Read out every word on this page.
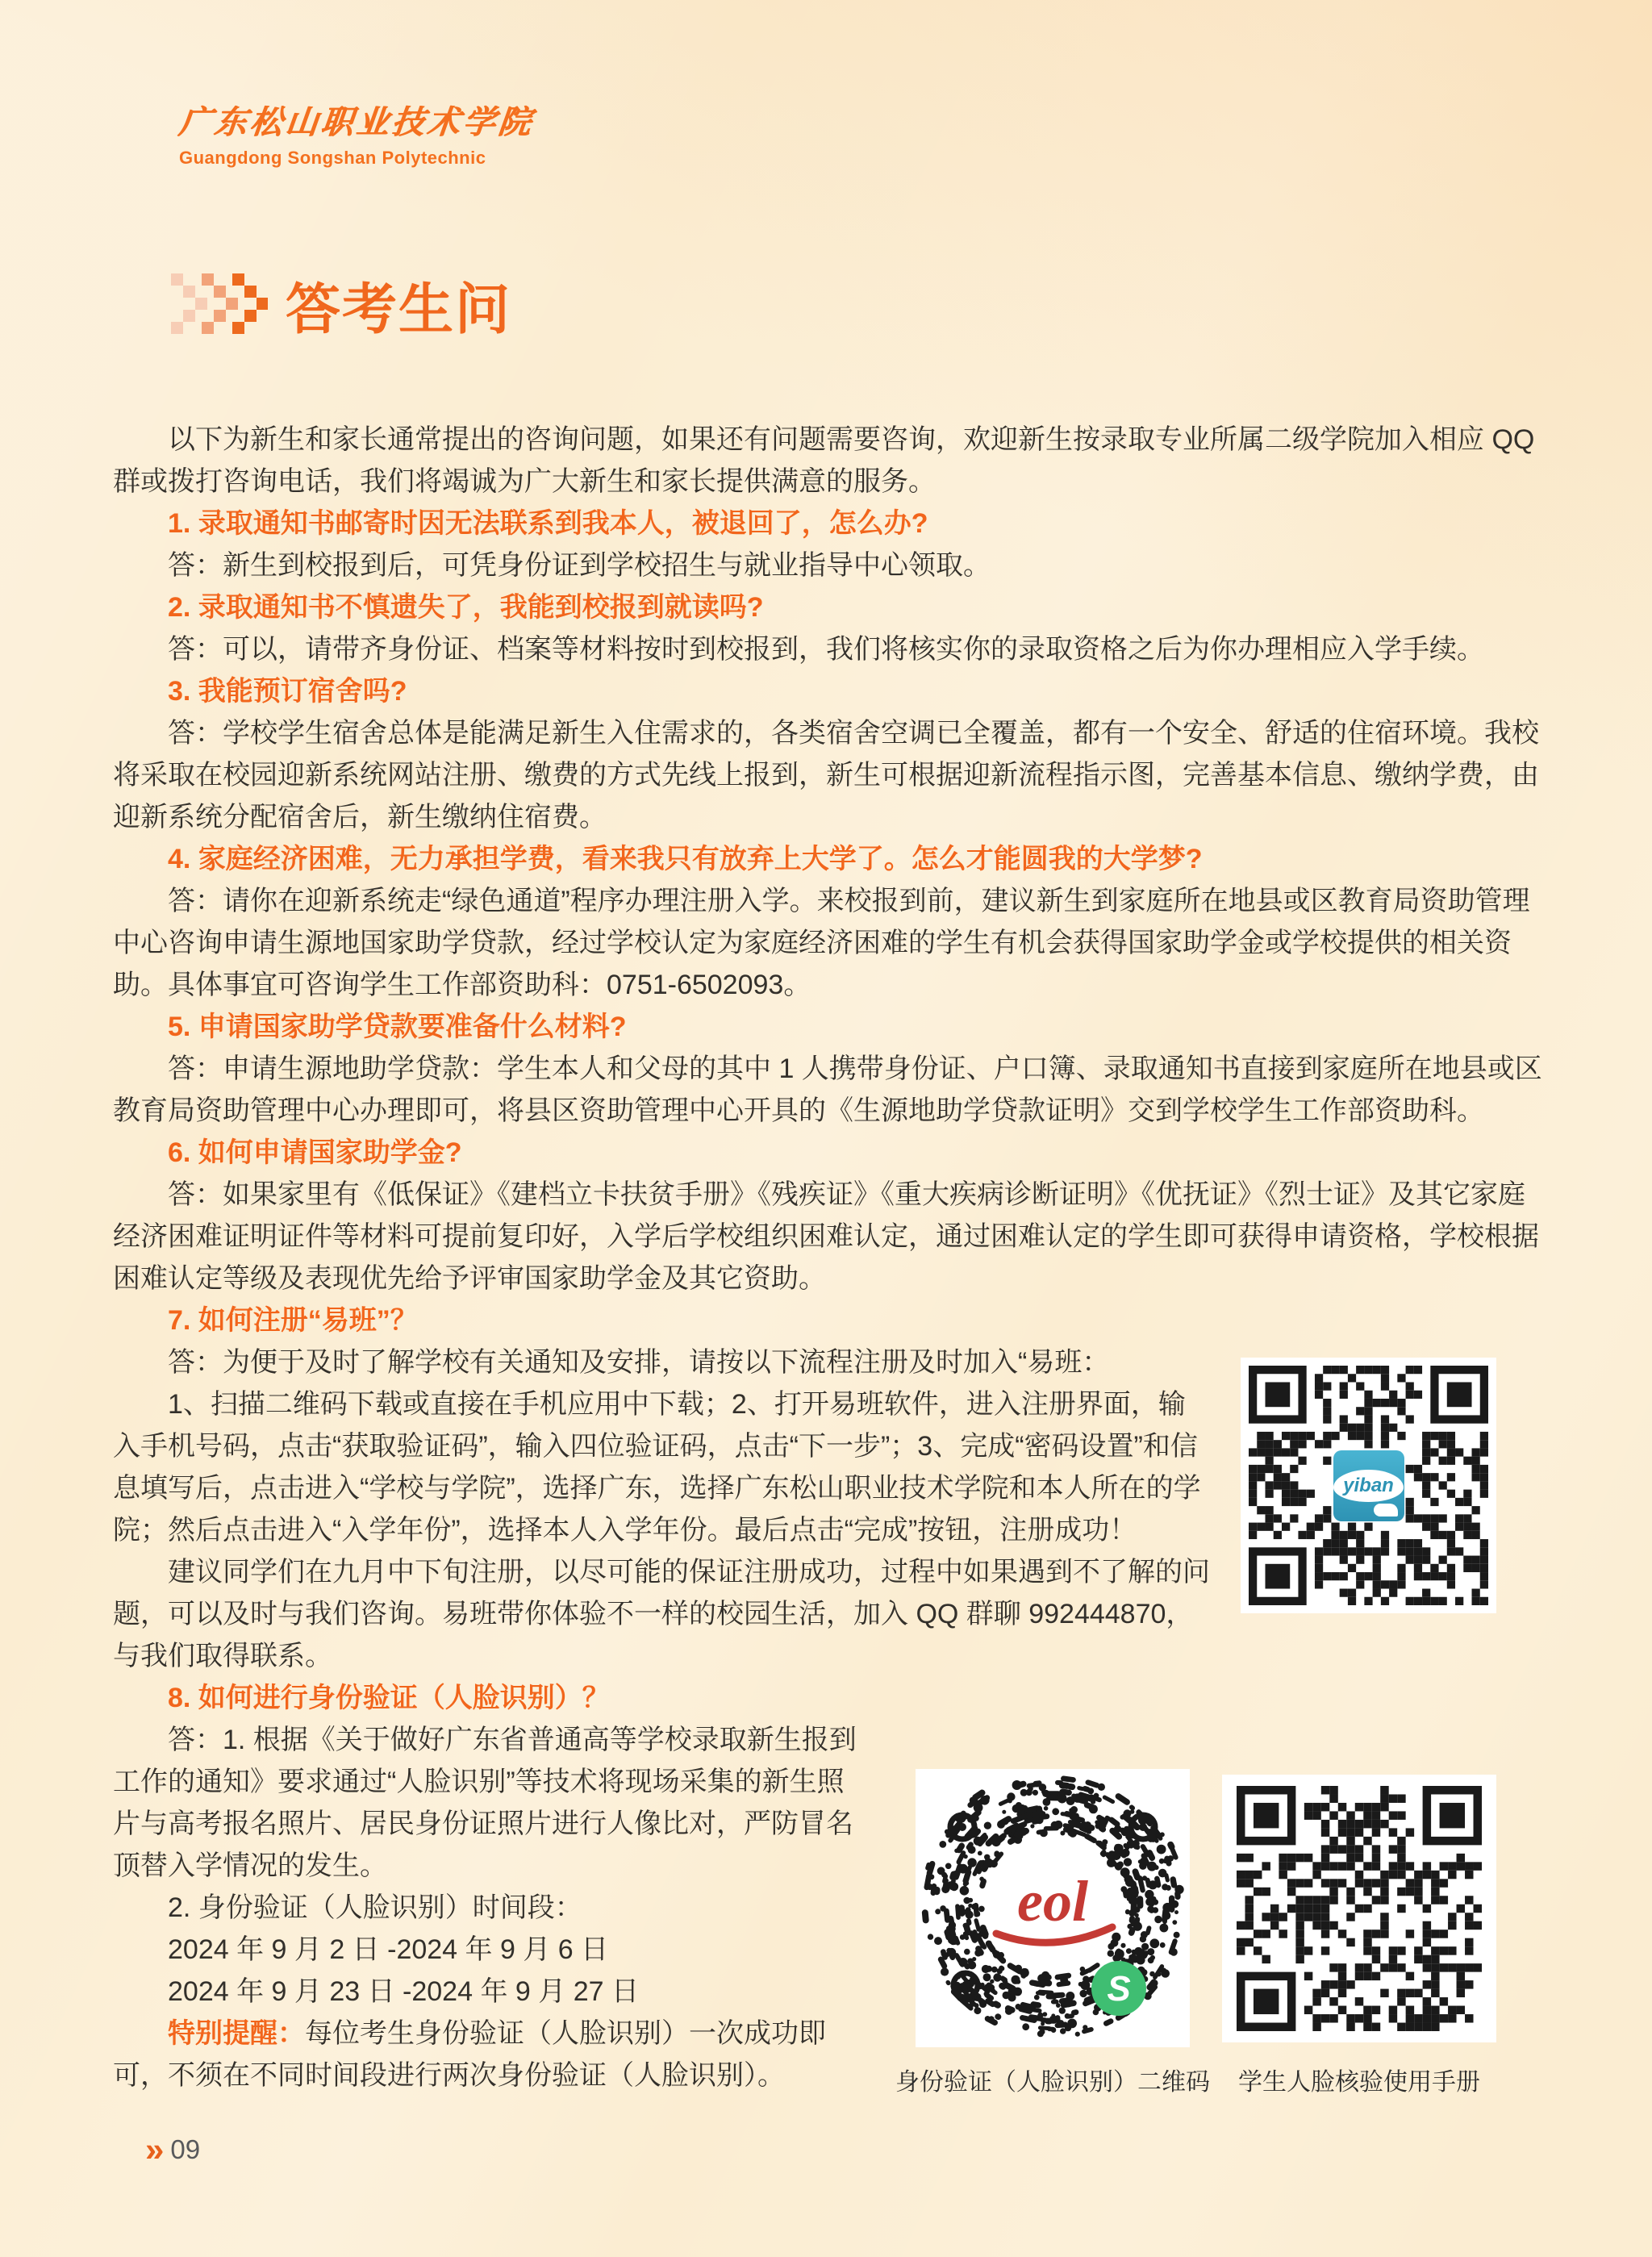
广东松山职业技术学院
Guangdong Songshan Polytechnic
答考生问

以下为新生和家长通常提出的咨询问题，如果还有问题需要咨询，欢迎新生按录取专业所属二级学院加入相应 QQ 群或拨打咨询电话，我们将竭诚为广大新生和家长提供满意的服务。

1. 录取通知书邮寄时因无法联系到我本人，被退回了，怎么办?

答：新生到校报到后，可凭身份证到学校招生与就业指导中心领取。

2. 录取通知书不慎遗失了，我能到校报到就读吗?

答：可以，请带齐身份证、档案等材料按时到校报到，我们将核实你的录取资格之后为你办理相应入学手续。

3. 我能预订宿舍吗?

答：学校学生宿舍总体是能满足新生入住需求的，各类宿舍空调已全覆盖，都有一个安全、舒适的住宿环境。我校将采取在校园迎新系统网站注册、缴费的方式先线上报到，新生可根据迎新流程指示图，完善基本信息、缴纳学费，由迎新系统分配宿舍后，新生缴纳住宿费。

4. 家庭经济困难，无力承担学费，看来我只有放弃上大学了。怎么才能圆我的大学梦?

答：请你在迎新系统走“绿色通道”程序办理注册入学。来校报到前，建议新生到家庭所在地县或区教育局资助管理中心咨询申请生源地国家助学贷款，经过学校认定为家庭经济困难的学生有机会获得国家助学金或学校提供的相关资助。具体事宜可咨询学生工作部资助科：0751-6502093。

5. 申请国家助学贷款要准备什么材料?

答：申请生源地助学贷款：学生本人和父母的其中 1 人携带身份证、户口簿、录取通知书直接到家庭所在地县或区教育局资助管理中心办理即可，将县区资助管理中心开具的《生源地助学贷款证明》交到学校学生工作部资助科。

6. 如何申请国家助学金?

答：如果家里有《低保证》《建档立卡扶贫手册》《残疾证》《重大疾病诊断证明》《优抚证》《烈士证》及其它家庭经济困难证明证件等材料可提前复印好，入学后学校组织困难认定，通过困难认定的学生即可获得申请资格，学校根据困难认定等级及表现优先给予评审国家助学金及其它资助。

7. 如何注册“易班”？

答：为便于及时了解学校有关通知及安排，请按以下流程注册及时加入“易班：

1、扫描二维码下载或直接在手机应用中下载；2、打开易班软件，进入注册界面，输入手机号码，点击“获取验证码”，输入四位验证码，点击“下一步”；3、完成“密码设置”和信息填写后，点击进入“学校与学院”，选择广东，选择广东松山职业技术学院和本人所在的学院；然后点击进入“入学年份”，选择本人入学年份。最后点击“完成”按钮，注册成功！

建议同学们在九月中下旬注册，以尽可能的保证注册成功，过程中如果遇到不了解的问题，可以及时与我们咨询。易班带你体验不一样的校园生活，加入 QQ 群聊 992444870，与我们取得联系。

8. 如何进行身份验证（人脸识别）？

答：1. 根据《关于做好广东省普通高等学校录取新生报到工作的通知》要求通过“人脸识别”等技术将现场采集的新生照片与高考报名照片、居民身份证照片进行人像比对，严防冒名顶替入学情况的发生。

2. 身份验证（人脸识别）时间段：

2024 年 9 月 2 日 -2024 年 9 月 6 日

2024 年 9 月 23 日 -2024 年 9 月 27 日

特别提醒：每位考生身份验证（人脸识别）一次成功即可，不须在不同时间段进行两次身份验证（人脸识别）。

yiban
eol
S
身份验证（人脸识别）二维码	学生人脸核验使用手册
» 09
